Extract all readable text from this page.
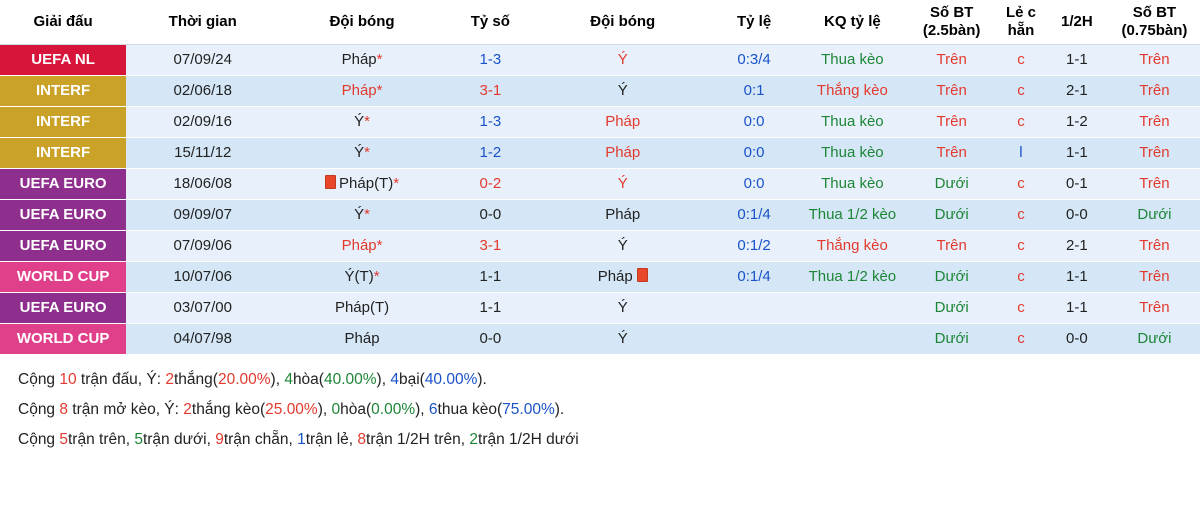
Giải đấu	Thời gian	Đội bóng	Tỷ số	Đội bóng	Tỷ lệ	KQ tỷ lệ	Số BT (2.5bàn)	Lẻ c hẵn	1/2H	Số BT (0.75bàn)
UEFA NL	07/09/24	Pháp*	1-3	Ý	0:3/4	Thua kèo	Trên	c	1-1	Trên
INTERF	02/06/18	Pháp*	3-1	Ý	0:1	Thắng kèo	Trên	c	2-1	Trên
INTERF	02/09/16	Ý*	1-3	Pháp	0:0	Thua kèo	Trên	c	1-2	Trên
INTERF	15/11/12	Ý*	1-2	Pháp	0:0	Thua kèo	Trên	l	1-1	Trên
UEFA EURO	18/06/08	Pháp(T)*	0-2	Ý	0:0	Thua kèo	Dưới	c	0-1	Trên
UEFA EURO	09/09/07	Ý*	0-0	Pháp	0:1/4	Thua 1/2 kèo	Dưới	c	0-0	Dưới
UEFA EURO	07/09/06	Pháp*	3-1	Ý	0:1/2	Thắng kèo	Trên	c	2-1	Trên
WORLD CUP	10/07/06	Ý(T)*	1-1	Pháp	0:1/4	Thua 1/2 kèo	Dưới	c	1-1	Trên
UEFA EURO	03/07/00	Pháp(T)	1-1	Ý			Dưới	c	1-1	Trên
WORLD CUP	04/07/98	Pháp	0-0	Ý			Dưới	c	0-0	Dưới
Cộng 10 trận đấu, Ý: 2thắng(20.00%), 4hòa(40.00%), 4bại(40.00%).
Cộng 8 trận mở kèo, Ý: 2thắng kèo(25.00%), 0hòa(0.00%), 6thua kèo(75.00%).
Cộng 5trận trên, 5trận dưới, 9trận chẵn, 1trận lẻ, 8trận 1/2H trên, 2trận 1/2H dưới
